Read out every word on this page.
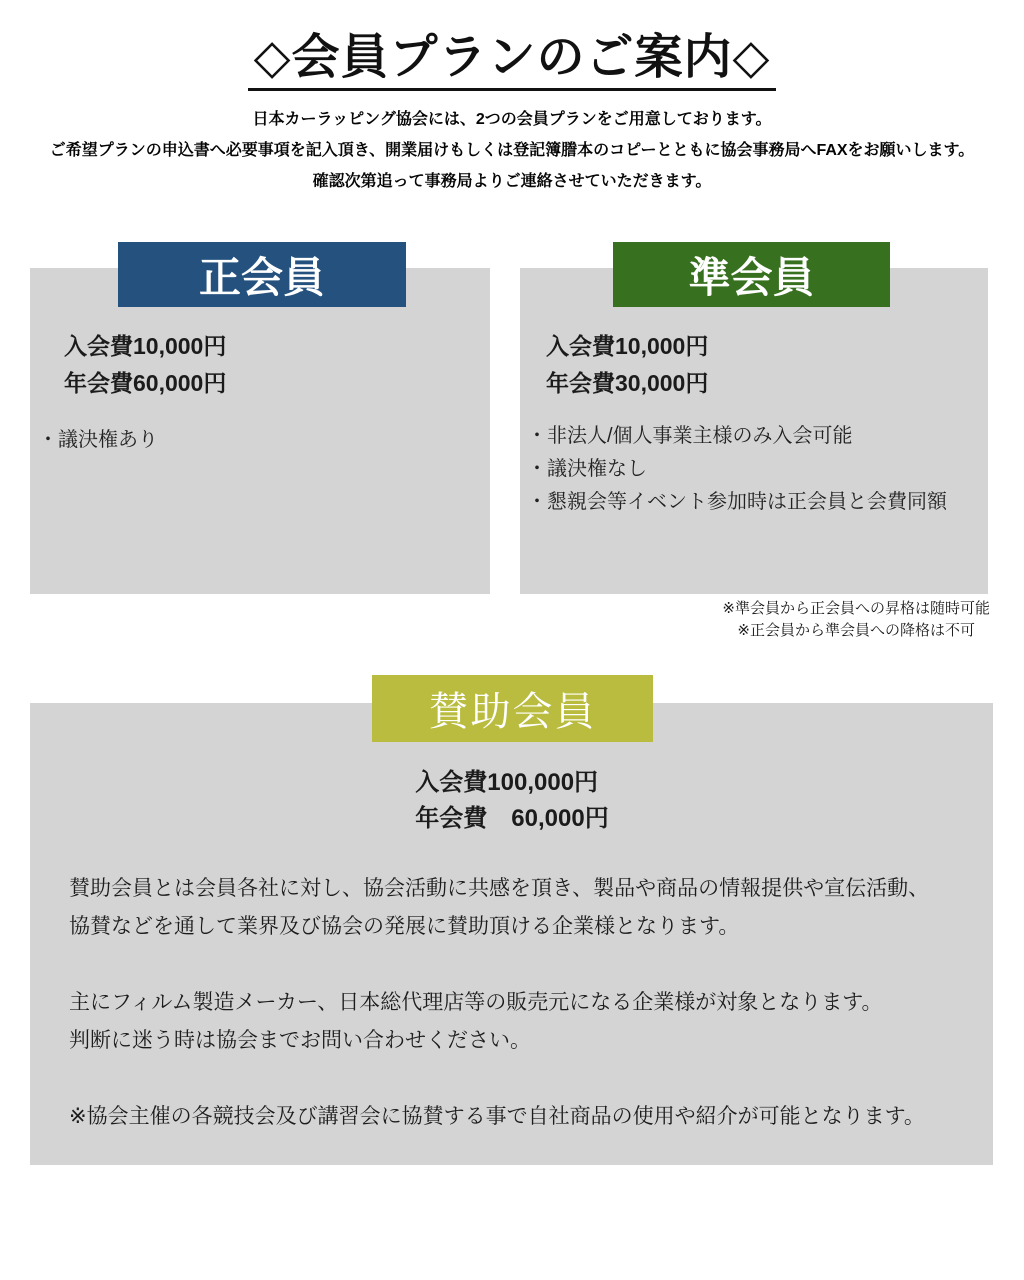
◇会員プランのご案内◇
日本カーラッピング協会には、2つの会員プランをご用意しております。
ご希望プランの申込書へ必要事項を記入頂き、開業届けもしくは登記簿謄本のコピーとともに協会事務局へFAXをお願いします。
確認次第追って事務局よりご連絡させていただきます。
正会員
入会費10,000円
年会費60,000円
・議決権あり
準会員
入会費10,000円
年会費30,000円
・非法人/個人事業主様のみ入会可能
・議決権なし
・懇親会等イベント参加時は正会員と会費同額
※準会員から正会員への昇格は随時可能
※正会員から準会員への降格は不可
賛助会員
入会費100,000円
年会費　60,000円
賛助会員とは会員各社に対し、協会活動に共感を頂き、製品や商品の情報提供や宣伝活動、
協賛などを通して業界及び協会の発展に賛助頂ける企業様となります。
主にフィルム製造メーカー、日本総代理店等の販売元になる企業様が対象となります。
判断に迷う時は協会までお問い合わせください。
※協会主催の各競技会及び講習会に協賛する事で自社商品の使用や紹介が可能となります。
